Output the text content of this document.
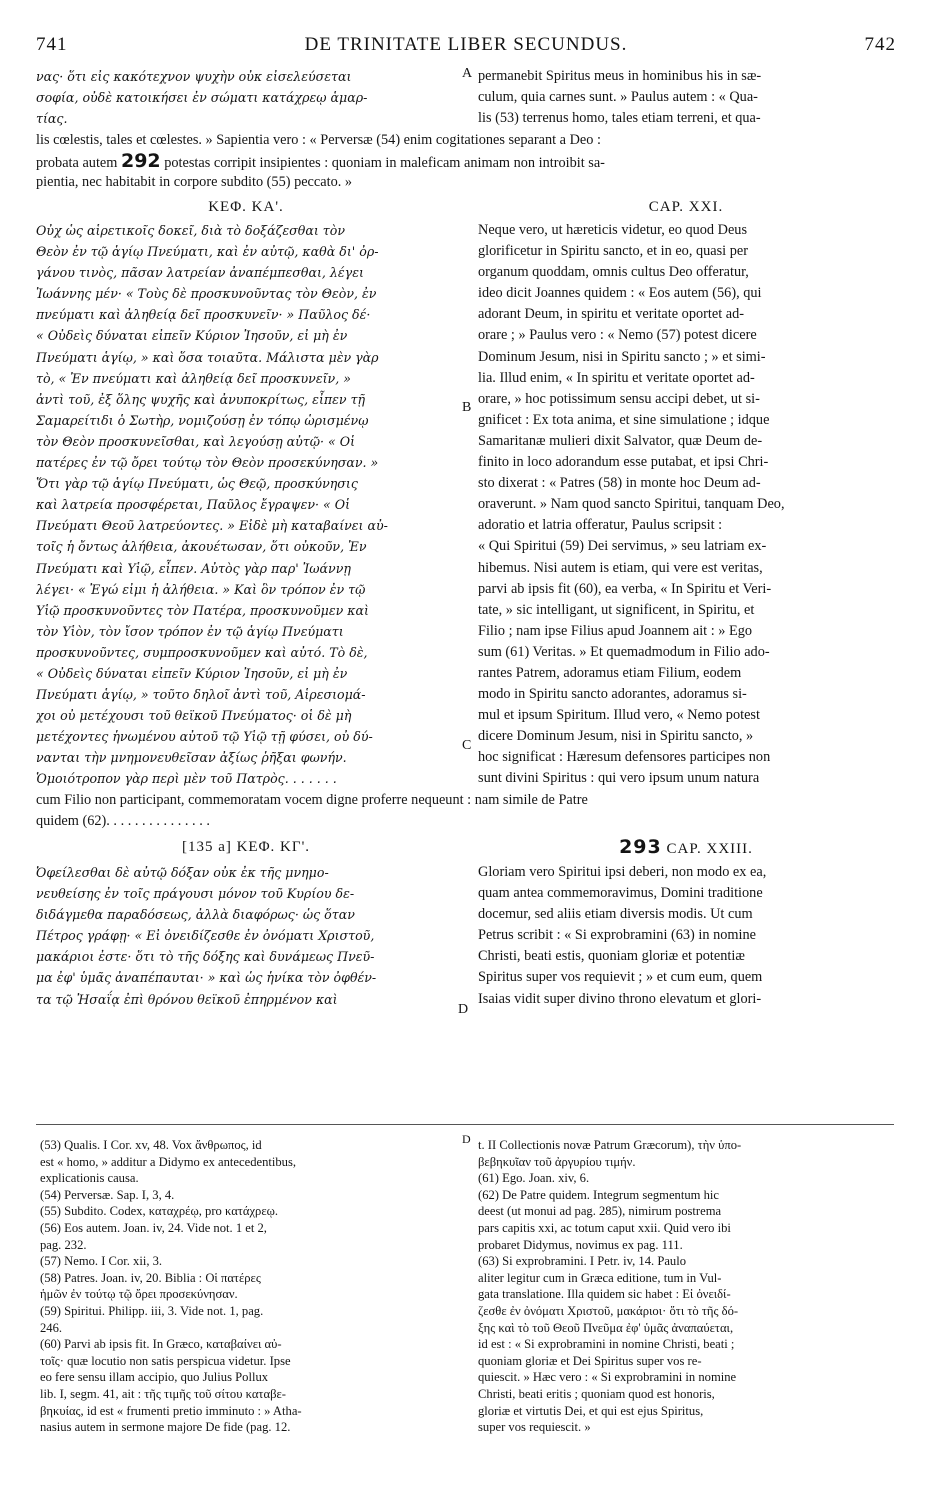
741	DE TRINITATE LIBER SECUNDUS.	742
νας· ὅτι εἰς κακότεχνον ψυχὴν οὐκ εἰσελεύσεται
σοφία, οὐδὲ κατοικήσει ἐν σώματι κατάχρεῳ ἁμαρ-
τίας.
permanebit Spiritus meus in hominibus his in sæ-
culum, quia carnes sunt. » Paulus autem : « Qua-
lis (53) terrenus homo, tales etiam terreni, et qua-
A
lis cœlestis, tales et cœlestes. » Sapientia vero : « Perversæ (54) enim cogitationes separant a Deo :
probata autem 292 potestas corripit insipientes : quoniam in maleficam animam non introibit sa-
pientia, nec habitabit in corpore subdito (55) peccato. »
ΚΕΦ. ΚΑ'.	CAP. XXI.
Οὐχ ὡς αἱρετικοῖς δοκεῖ, διὰ τὸ δοξάζεσθαι τὸν
Θεὸν ἐν τῷ ἁγίῳ Πνεύματι, καὶ ἐν αὐτῷ, καθὰ δι' ὀρ-
γάνου τινὸς, πᾶσαν λατρείαν ἀναπέμπεσθαι, λέγει
Ἰωάννης μέν· « Τοὺς δὲ προσκυνοῦντας τὸν Θεὸν, ἐν
πνεύματι καὶ ἀληθείᾳ δεῖ προσκυνεῖν· » Παῦλος δέ·
« Οὐδεὶς δύναται εἰπεῖν Κύριον Ἰησοῦν, εἰ μὴ ἐν
Πνεύματι ἁγίῳ, » καὶ ὅσα τοιαῦτα. Μάλιστα μὲν γὰρ
τὸ, « Ἐν πνεύματι καὶ ἀληθείᾳ δεῖ προσκυνεῖν, »
ἀντὶ τοῦ, ἐξ ὅλης ψυχῆς καὶ ἀνυποκρίτως, εἶπεν τῇ
Σαμαρείτιδι ὁ Σωτὴρ, νομιζούσῃ ἐν τόπῳ ὡρισμένῳ
τὸν Θεὸν προσκυνεῖσθαι, καὶ λεγούσῃ αὐτῷ· « Οἱ
πατέρες ἐν τῷ ὄρει τούτῳ τὸν Θεὸν προσεκύνησαν. »
Ὅτι γὰρ τῷ ἁγίῳ Πνεύματι, ὡς Θεῷ, προσκύνησις
καὶ λατρεία προσφέρεται, Παῦλος ἔγραψεν· « Οἱ
Πνεύματι Θεοῦ λατρεύοντες. » Εἰδὲ μὴ καταβαίνει αὐ-
τοῖς ἡ ὄντως ἀλήθεια, ἀκουέτωσαν, ὅτι οὐκοῦν, Ἐν
Πνεύματι καὶ Υἱῷ, εἶπεν. Αὐτὸς γὰρ παρ' Ἰωάννῃ
λέγει· « Ἐγώ εἰμι ἡ ἀλήθεια. » Καὶ ὃν τρόπον ἐν τῷ
Υἱῷ προσκυνοῦντες τὸν Πατέρα, προσκυνοῦμεν καὶ
τὸν Υἱὸν, τὸν ἴσον τρόπον ἐν τῷ ἁγίῳ Πνεύματι
προσκυνοῦντες, συμπροσκυνοῦμεν καὶ αὐτό. Τὸ δὲ,
« Οὐδεὶς δύναται εἰπεῖν Κύριον Ἰησοῦν, εἰ μὴ ἐν
Πνεύματι ἁγίῳ, » τοῦτο δηλοῖ ἀντὶ τοῦ, Αἱρεσιομά-
χοι οὐ μετέχουσι τοῦ θεϊκοῦ Πνεύματος· οἱ δὲ μὴ
μετέχοντες ἡνωμένου αὐτοῦ τῷ Υἱῷ τῇ φύσει, οὐ δύ-
νανται τὴν μνημονευθεῖσαν ἀξίως ῥῆξαι φωνήν.
Ὁμοιότροπον γὰρ περὶ μὲν τοῦ Πατρὸς. . . . . . .
Neque vero, ut hæreticis videtur, eo quod Deus
glorificetur in Spiritu sancto, et in eo, quasi per
organum quoddam, omnis cultus Deo offeratur,
ideo dicit Joannes quidem : « Eos autem (56), qui
adorant Deum, in spiritu et veritate oportet ad-
orare ; » Paulus vero : « Nemo (57) potest dicere
Dominum Jesum, nisi in Spiritu sancto ; » et simi-
lia. Illud enim, « In spiritu et veritate oportet ad-
orare, » hoc potissimum sensu accipi debet, ut si-
gnificet : Ex tota anima, et sine simulatione ; idque
Samaritanæ mulieri dixit Salvator, quæ Deum de-
finito in loco adorandum esse putabat, et ipsi Chri-
sto dixerat : « Patres (58) in monte hoc Deum ad-
oraverunt. » Nam quod sancto Spiritui, tanquam Deo,
adoratio et latria offeratur, Paulus scripsit :
« Qui Spiritui (59) Dei servimus, » seu latriam ex-
hibemus. Nisi autem is etiam, qui vere est veritas,
parvi ab ipsis fit (60), ea verba, « In Spiritu et Veri-
tate, » sic intelligant, ut significent, in Spiritu, et
Filio ; nam ipse Filius apud Joannem ait : » Ego
sum (61) Veritas. » Et quemadmodum in Filio ado-
rantes Patrem, adoramus etiam Filium, eodem
modo in Spiritu sancto adorantes, adoramus si-
mul et ipsum Spiritum. Illud vero, « Nemo potest
dicere Dominum Jesum, nisi in Spiritu sancto, »
hoc significat : Hæresum defensores participes non
sunt divini Spiritus : qui vero ipsum unum natura
B
C
cum Filio non participant, commemoratam vocem digne proferre nequeunt : nam simile de Patre
quidem (62). . . . . . . . . . . . . . .
[135 a] ΚΕΦ. ΚΓ'.	293 CAP. XXIII.
Ὀφείλεσθαι δὲ αὐτῷ δόξαν οὐκ ἐκ τῆς μνημο-
νευθείσης ἐν τοῖς πράγουσι μόνον τοῦ Κυρίου δε-
διδάγμεθα παραδόσεως, ἀλλὰ διαφόρως· ὡς ὅταν
Πέτρος γράφῃ· « Εἰ ὀνειδίζεσθε ἐν ὀνόματι Χριστοῦ,
μακάριοι ἐστε· ὅτι τὸ τῆς δόξης καὶ δυνάμεως Πνεῦ-
μα ἐφ' ὑμᾶς ἀναπέπαυται· » καὶ ὡς ἡνίκα τὸν ὀφθέν-
τα τῷ Ἠσαΐᾳ ἐπὶ θρόνου θεϊκοῦ ἐπηρμένον καὶ
Gloriam vero Spiritui ipsi deberi, non modo ex ea,
quam antea commemoravimus, Domini traditione
docemur, sed aliis etiam diversis modis. Ut cum
Petrus scribit : « Si exprobramini (63) in nomine
Christi, beati estis, quoniam gloriæ et potentiæ
Spiritus super vos requievit ; » et cum eum, quem
Isaias vidit super divino throno elevatum et glori-
D
D
(53) Qualis. I Cor. xv, 48. Vox ἄνθρωπος, id
est « homo, » additur a Didymo ex antecedentibus,
explicationis causa.
(54) Perversæ. Sap. I, 3, 4.
(55) Subdito. Codex, καταχρέῳ, pro κατάχρεῳ.
(56) Eos autem. Joan. iv, 24. Vide not. 1 et 2,
pag. 232.
(57) Nemo. I Cor. xii, 3.
(58) Patres. Joan. iv, 20. Biblia : Οἱ πατέρες
ἡμῶν ἐν τούτῳ τῷ ὄρει προσεκύνησαν.
(59) Spiritui. Philipp. iii, 3. Vide not. 1, pag.
246.
(60) Parvi ab ipsis fit. In Græco, καταβαίνει αὐ-
τοῖς· quæ locutio non satis perspicua videtur. Ipse
eo fere sensu illam accipio, quo Julius Pollux
lib. I, segm. 41, ait : τῆς τιμῆς τοῦ σίτου καταβε-
βηκυίας, id est « frumenti pretio imminuto : » Atha-
nasius autem in sermone majore De fide (pag. 12.
t. II Collectionis novæ Patrum Græcorum), τὴν ὑπο-
βεβηκυῖαν τοῦ ἀργυρίου τιμήν.
(61) Ego. Joan. xiv, 6.
(62) De Patre quidem. Integrum segmentum hic
deest (ut monui ad pag. 285), nimirum postrema
pars capitis xxi, ac totum caput xxii. Quid vero ibi
probaret Didymus, novimus ex pag. 111.
(63) Si exprobramini. I Petr. iv, 14. Paulo
aliter legitur cum in Græca editione, tum in Vul-
gata translatione. Illa quidem sic habet : Εἰ ὀνειδί-
ζεσθε ἐν ὀνόματι Χριστοῦ, μακάριοι· ὅτι τὸ τῆς δό-
ξης καὶ τὸ τοῦ Θεοῦ Πνεῦμα ἐφ' ὑμᾶς ἀναπαύεται,
id est : « Si exprobramini in nomine Christi, beati ;
quoniam gloriæ et Dei Spiritus super vos re-
quiescit. » Hæc vero : « Si exprobramini in nomine
Christi, beati eritis ; quoniam quod est honoris,
gloriæ et virtutis Dei, et qui est ejus Spiritus,
super vos requiescit. »
